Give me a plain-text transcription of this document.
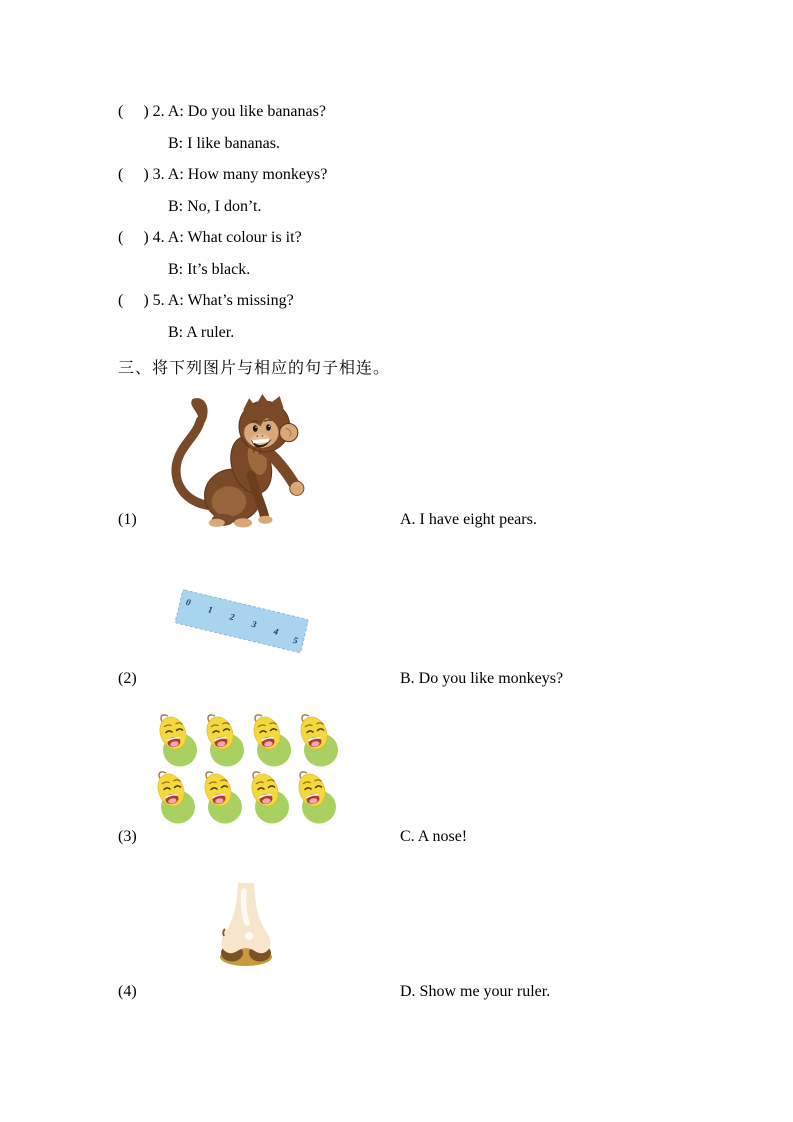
(     ) 2. A: Do you like bananas?
B: I like bananas.
(     ) 3. A: How many monkeys?
B: No, I don’t.
(     ) 4. A: What colour is it?
B: It’s black.
(     ) 5. A: What’s missing?
B: A ruler.
三、将下列图片与相应的句子相连。
(1)	A. I have eight pears.
0
1
2
3
4
5
(2)	B. Do you like monkeys?
(3)	C. A nose!
(4)	D. Show me your ruler.
